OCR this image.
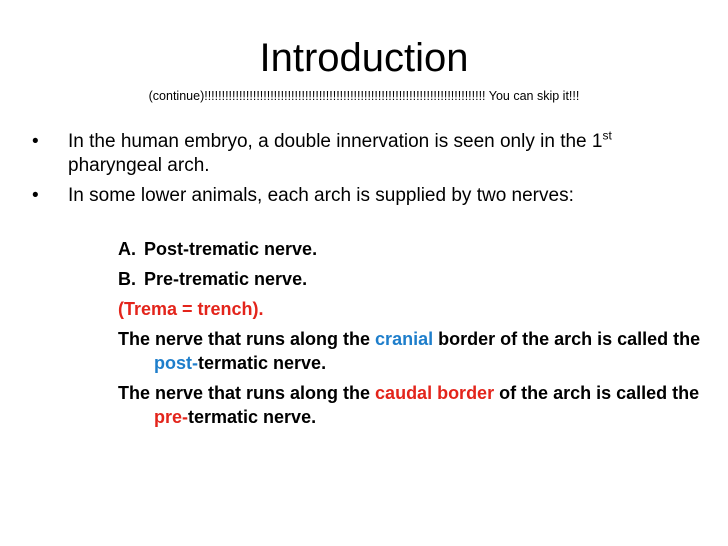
Introduction

(continue)!!!!!!!!!!!!!!!!!!!!!!!!!!!!!!!!!!!!!!!!!!!!!!!!!!!!!!!!!!!!!!!!!!!!!!!!!!!!!!!!! You can skip it!!!

•	In the human embryo, a double innervation is seen only in the 1st pharyngeal arch.
•	In some lower animals, each arch is supplied by two nerves:

A. Post-trematic nerve.

B. Pre-trematic nerve.

(Trema = trench).

The nerve that runs along the cranial border of the arch is called the post-termatic nerve.

The nerve that runs along the caudal border of the arch is called the pre-termatic nerve.
